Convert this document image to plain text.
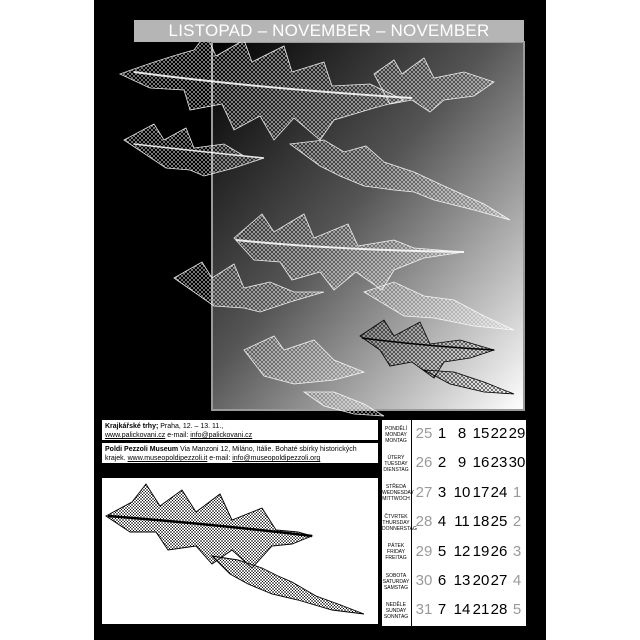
LISTOPAD – NOVEMBER – NOVEMBER
Krajkářské trhy; Praha, 12. – 13. 11.,
www.palickovani.cz e-mail: info@palickovani.cz
Poldi Pezzoli Museum Via Manzoni 12, Miláno, Itálie. Bohaté sbírky historických
krajek. www.museopoldipezzoli.it e-mail: info@museopoldipezzoli.org
PONDĚLÍ
MONDAY
MONTAG 25 1 8 15 22 29
ÚTERÝ
TUESDAY
DIENSTAG 26 2 9 16 23 30
STŘEDA
WEDNESDAY
MITTWOCH 27 3 10 17 24 1
ČTVRTEK
THURSDAY
DONNERSTAG
28 4 11 18 25 2
PÁTEK
FRIDAY
FREITAG 29 5 12 19 26 3
SOBOTA
SATURDAY
SAMSTAG 30 6 13 20 27 4
NEDĚLE
SUNDAY
SONNTAG 31 7 14 21 28 5
